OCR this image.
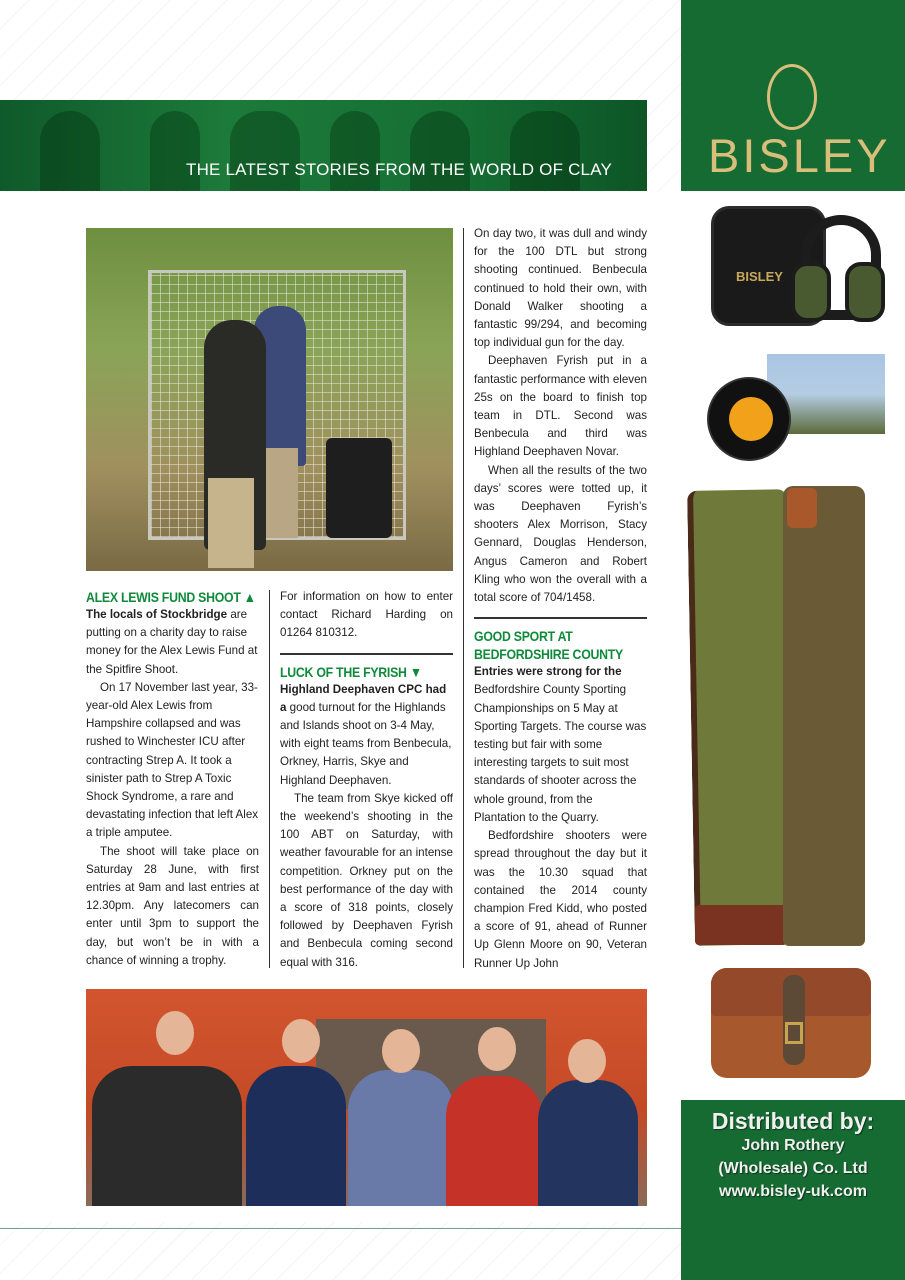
THE LATEST STORIES FROM THE WORLD OF CLAY
ALEX LEWIS FUND SHOOT ▲

The locals of Stockbridge are putting on a charity day to raise money for the Alex Lewis Fund at the Spitfire Shoot.

On 17 November last year, 33-year-old Alex Lewis from Hampshire collapsed and was rushed to Winchester ICU after contracting Strep A. It took a sinister path to Strep A Toxic Shock Syndrome, a rare and devastating infection that left Alex a triple amputee.

The shoot will take place on Saturday 28 June, with first entries at 9am and last entries at 12.30pm. Any latecomers can enter until 3pm to support the day, but won’t be in with a chance of winning a trophy.

For information on how to enter contact Richard Harding on 01264 810312.

LUCK OF THE FYRISH ▼

Highland Deephaven CPC had a good turnout for the Highlands and Islands shoot on 3-4 May, with eight teams from Benbecula, Orkney, Harris, Skye and Highland Deephaven.

The team from Skye kicked off the weekend’s shooting in the 100 ABT on Saturday, with weather favourable for an intense competition. Orkney put on the best performance of the day with a score of 318 points, closely followed by Deephaven Fyrish and Benbecula coming second equal with 316.

On day two, it was dull and windy for the 100 DTL but strong shooting continued. Benbecula continued to hold their own, with Donald Walker shooting a fantastic 99/294, and becoming top individual gun for the day.

Deephaven Fyrish put in a fantastic performance with eleven 25s on the board to finish top team in DTL. Second was Benbecula and third was Highland Deephaven Novar.

When all the results of the two days’ scores were totted up, it was Deephaven Fyrish’s shooters Alex Morrison, Stacy Gennard, Douglas Henderson, Angus Cameron and Robert Kling who won the overall with a total score of 704/1458.

GOOD SPORT AT
BEDFORDSHIRE COUNTY

Entries were strong for the Bedfordshire County Sporting Championships on 5 May at Sporting Targets. The course was testing but fair with some interesting targets to suit most standards of shooter across the whole ground, from the Plantation to the Quarry.

Bedfordshire shooters were spread throughout the day but it was the 10.30 squad that contained the 2014 county champion Fred Kidd, who posted a score of 91, ahead of Runner Up Glenn Moore on 90, Veteran Runner Up John

BISLEY
BISLEY
Distributed by:
John Rothery
(Wholesale) Co. Ltd
www.bisley-uk.com
